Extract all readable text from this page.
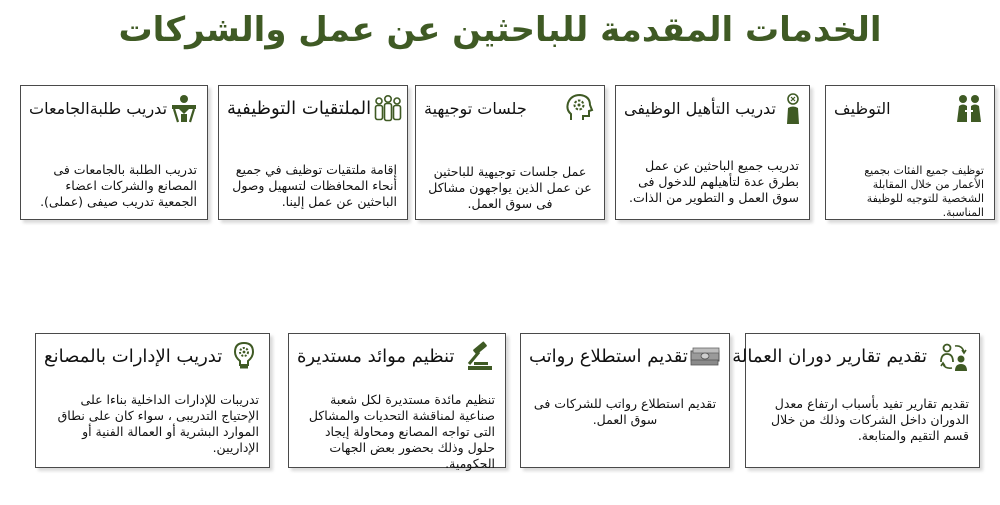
الخدمات المقدمة للباحثين عن عمل والشركات
التوظيف
توظيف جميع الفئات بجميع الأعمار من خلال المقابلة الشخصية للتوجيه للوظيفة المناسبة.
تدريب التأهيل الوظيفى
تدريب جميع الباحثين عن عمل بطرق عدة لتأهيلهم للدخول فى سوق العمل و التطوير من الذات.
جلسات توجيهية
عمل جلسات توجيهية للباحثين عن عمل الذين يواجهون مشاكل فى سوق العمل.
الملتقيات التوظيفية
إقامة ملتقيات توظيف في جميع أنحاء المحافظات لتسهيل وصول الباحثين عن عمل إلينا.
تدريب طلبةالجامعات
تدريب الطلبة بالجامعات فى المصانع والشركات اعضاء الجمعية تدريب صيفى (عملى).
تقديم تقارير دوران العمالة
تقديم تقارير تفيد بأسباب ارتفاع معدل الدوران داخل الشركات وذلك من خلال قسم التقيم والمتابعة.
تقديم استطلاع رواتب
تقديم استطلاع رواتب للشركات فى سوق العمل.
تنظيم موائد مستديرة
تنظيم مائدة مستديرة لكل شعبة صناعية لمناقشة التحديات والمشاكل التى تواجه المصانع ومحاولة إيجاد حلول وذلك بحضور بعض الجهات الحكومية.
تدريب الإدارات بالمصانع
تدريبات للإدارات الداخلية بناءا على الإحتياج التدريبى ، سواء كان على نطاق الموارد البشرية أو العمالة الفنية أو الإداريين.
